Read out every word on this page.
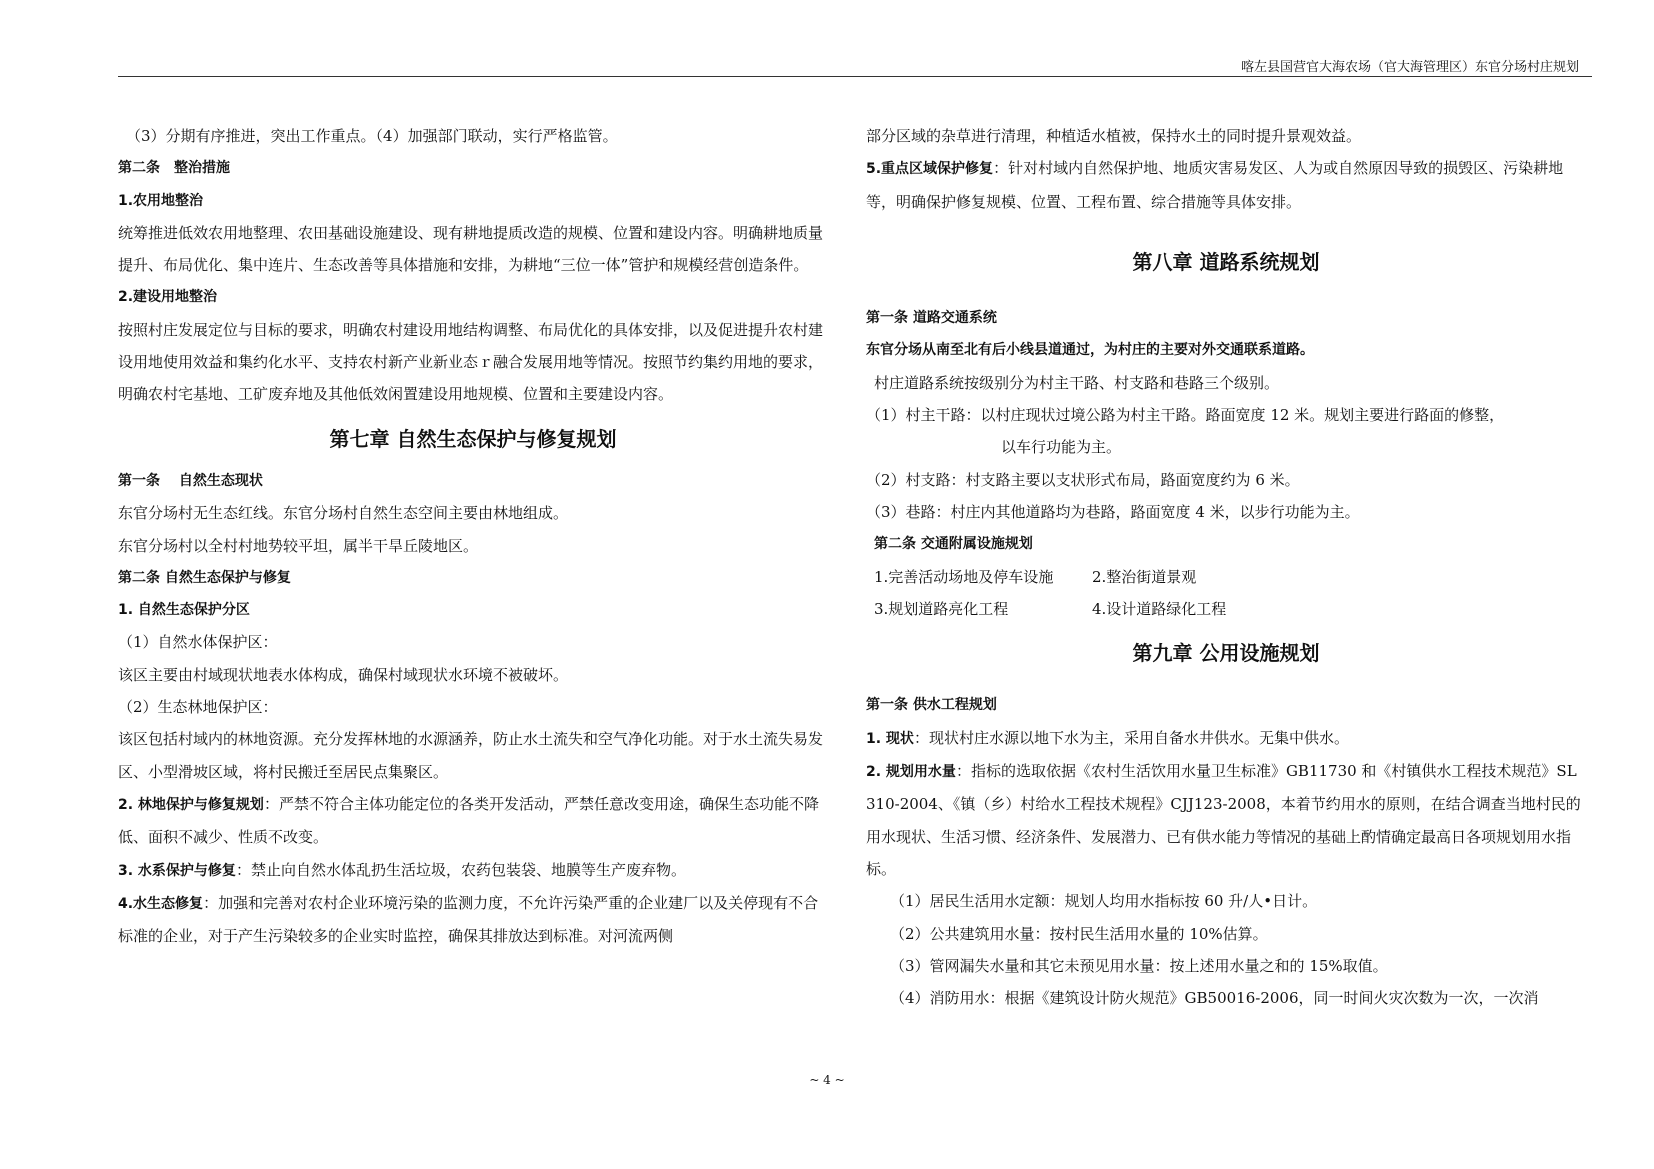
喀左县国营官大海农场（官大海管理区）东官分场村庄规划

（3）分期有序推进，突出工作重点。（4）加强部门联动，实行严格监管。

第二条　整治措施

1.农用地整治

统筹推进低效农用地整理、农田基础设施建设、现有耕地提质改造的规模、位置和建设内容。明确耕地质量提升、布局优化、集中连片、生态改善等具体措施和安排，为耕地“三位一体”管护和规模经营创造条件。

2.建设用地整治

按照村庄发展定位与目标的要求，明确农村建设用地结构调整、布局优化的具体安排，以及促进提升农村建设用地使用效益和集约化水平、支持农村新产业新业态ｒ融合发展用地等情况。按照节约集约用地的要求，明确农村宅基地、工矿废弃地及其他低效闲置建设用地规模、位置和主要建设内容。

第七章 自然生态保护与修复规划

第一条　 自然生态现状

东官分场村无生态红线。东官分场村自然生态空间主要由林地组成。

东官分场村以全村村地势较平坦，属半干旱丘陵地区。

第二条 自然生态保护与修复

1. 自然生态保护分区

（1）自然水体保护区：

该区主要由村域现状地表水体构成，确保村域现状水环境不被破坏。

（2）生态林地保护区：

该区包括村域内的林地资源。充分发挥林地的水源涵养，防止水土流失和空气净化功能。对于水土流失易发区、小型滑坡区域，将村民搬迁至居民点集聚区。

2. 林地保护与修复规划：严禁不符合主体功能定位的各类开发活动，严禁任意改变用途，确保生态功能不降低、面积不减少、性质不改变。

3. 水系保护与修复：禁止向自然水体乱扔生活垃圾，农药包装袋、地膜等生产废弃物。

4.水生态修复：加强和完善对农村企业环境污染的监测力度，不允许污染严重的企业建厂以及关停现有不合标准的企业，对于产生污染较多的企业实时监控，确保其排放达到标准。对河流两侧

部分区域的杂草进行清理，种植适水植被，保持水土的同时提升景观效益。

5.重点区域保护修复：针对村域内自然保护地、地质灾害易发区、人为或自然原因导致的损毁区、污染耕地等，明确保护修复规模、位置、工程布置、综合措施等具体安排。

第八章 道路系统规划

第一条 道路交通系统

东官分场从南至北有后小线县道通过，为村庄的主要对外交通联系道路。

村庄道路系统按级别分为村主干路、村支路和巷路三个级别。

（1）村主干路：以村庄现状过境公路为村主干路。路面宽度 12 米。规划主要进行路面的修整，

以车行功能为主。

（2）村支路：村支路主要以支状形式布局，路面宽度约为 6 米。

（3）巷路：村庄内其他道路均为巷路，路面宽度 4 米，以步行功能为主。

第二条 交通附属设施规划

1.完善活动场地及停车设施	2.整治街道景观

3.规划道路亮化工程	4.设计道路绿化工程

第九章 公用设施规划

第一条 供水工程规划

1. 现状：现状村庄水源以地下水为主，采用自备水井供水。无集中供水。

2. 规划用水量：指标的选取依据《农村生活饮用水量卫生标准》GB11730 和《村镇供水工程技术规范》SL 310-2004、《镇（乡）村给水工程技术规程》CJJ123-2008，本着节约用水的原则，在结合调查当地村民的用水现状、生活习惯、经济条件、发展潜力、已有供水能力等情况的基础上酌情确定最高日各项规划用水指标。

（1）居民生活用水定额：规划人均用水指标按 60 升/人•日计。

（2）公共建筑用水量：按村民生活用水量的 10%估算。

（3）管网漏失水量和其它未预见用水量：按上述用水量之和的 15%取值。

（4）消防用水：根据《建筑设计防火规范》GB50016-2006，同一时间火灾次数为一次，一次消

~ 4 ~
